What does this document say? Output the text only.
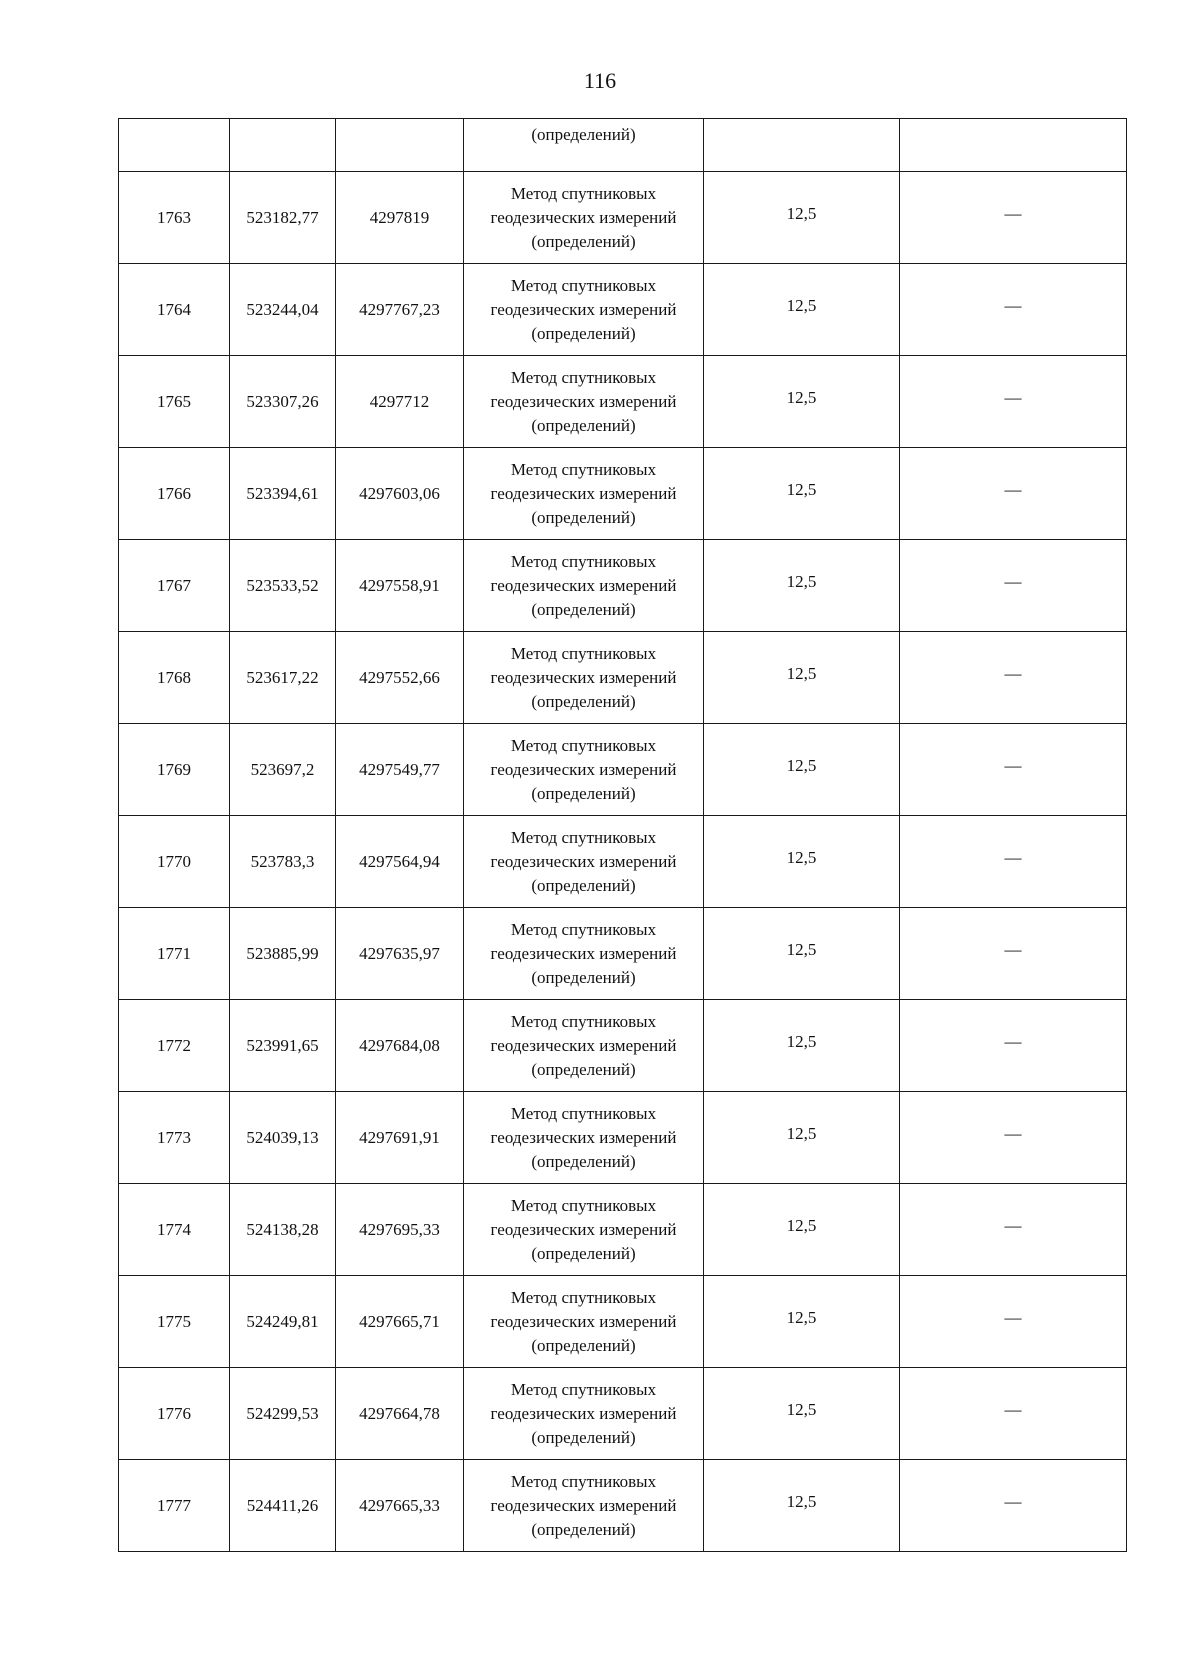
116
			(определений)		
1763	523182,77	4297819	Метод спутниковых
геодезических измерений
(определений)	12,5	—
1764	523244,04	4297767,23	Метод спутниковых
геодезических измерений
(определений)	12,5	—
1765	523307,26	4297712	Метод спутниковых
геодезических измерений
(определений)	12,5	—
1766	523394,61	4297603,06	Метод спутниковых
геодезических измерений
(определений)	12,5	—
1767	523533,52	4297558,91	Метод спутниковых
геодезических измерений
(определений)	12,5	—
1768	523617,22	4297552,66	Метод спутниковых
геодезических измерений
(определений)	12,5	—
1769	523697,2	4297549,77	Метод спутниковых
геодезических измерений
(определений)	12,5	—
1770	523783,3	4297564,94	Метод спутниковых
геодезических измерений
(определений)	12,5	—
1771	523885,99	4297635,97	Метод спутниковых
геодезических измерений
(определений)	12,5	—
1772	523991,65	4297684,08	Метод спутниковых
геодезических измерений
(определений)	12,5	—
1773	524039,13	4297691,91	Метод спутниковых
геодезических измерений
(определений)	12,5	—
1774	524138,28	4297695,33	Метод спутниковых
геодезических измерений
(определений)	12,5	—
1775	524249,81	4297665,71	Метод спутниковых
геодезических измерений
(определений)	12,5	—
1776	524299,53	4297664,78	Метод спутниковых
геодезических измерений
(определений)	12,5	—
1777	524411,26	4297665,33	Метод спутниковых
геодезических измерений
(определений)	12,5	—
